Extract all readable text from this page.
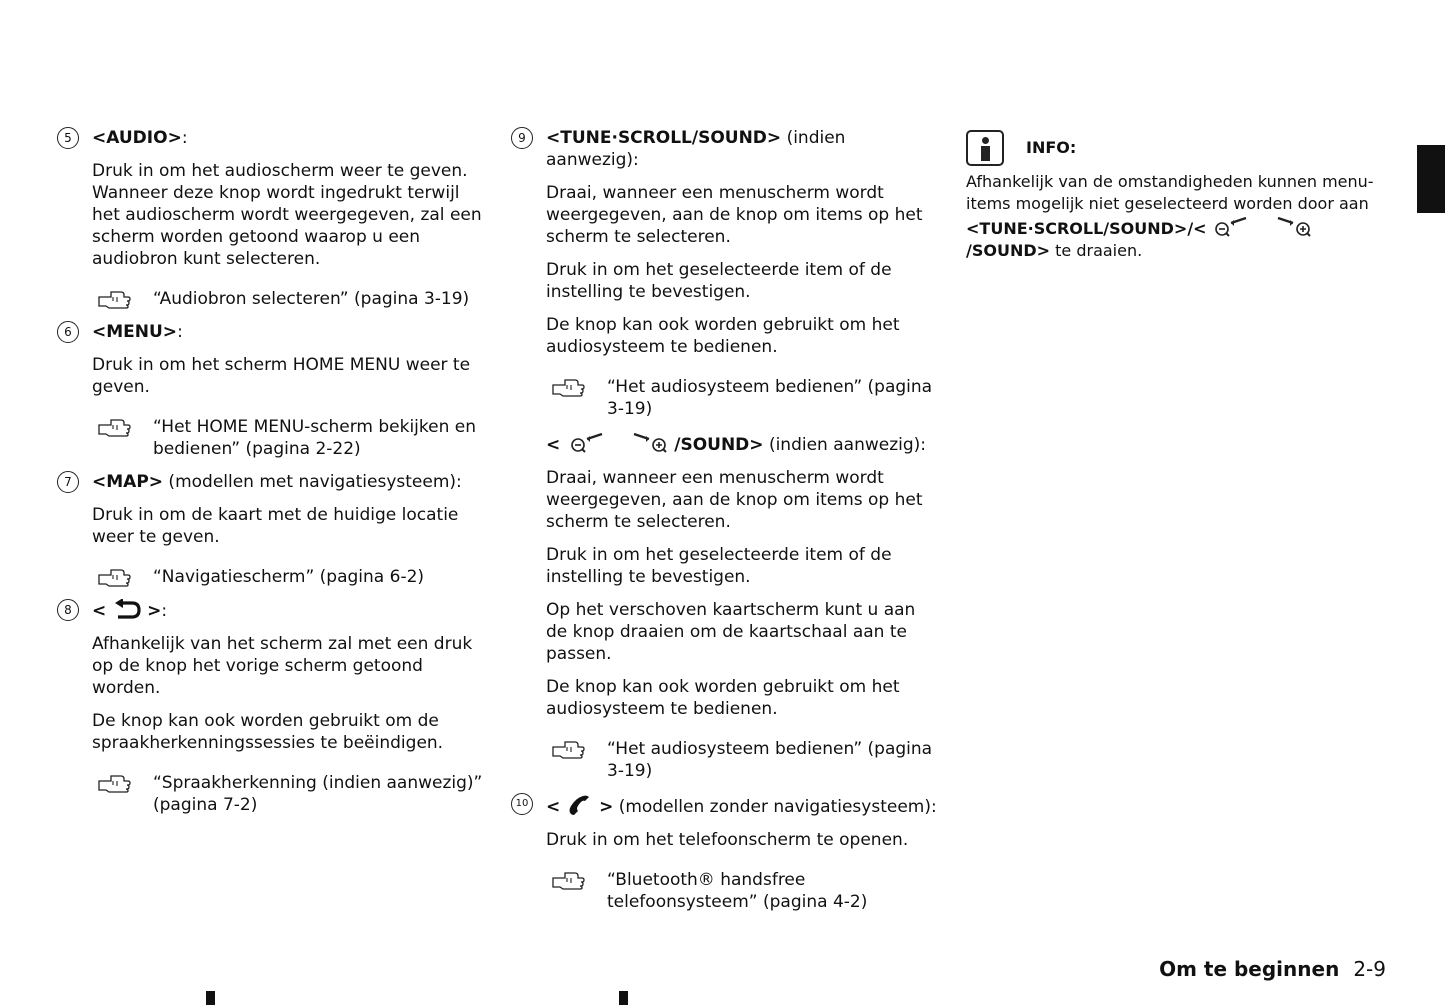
5	<AUDIO>:
Druk in om het audioscherm weer te geven. Wanneer deze knop wordt ingedrukt terwijl het audioscherm wordt weergegeven, zal een scherm worden getoond waarop u een audiobron kunt selecteren.
“Audiobron selecteren” (pagina 3-19)
6	<MENU>:
Druk in om het scherm HOME MENU weer te geven.
“Het HOME MENU-scherm bekijken en bedienen” (pagina 2-22)
7	<MAP> (modellen met navigatiesysteem):
Druk in om de kaart met de huidige locatie weer te geven.
“Navigatiescherm” (pagina 6-2)
8	< >:
Afhankelijk van het scherm zal met een druk op de knop het vorige scherm getoond worden.
De knop kan ook worden gebruikt om de spraakherkenningssessies te beëindigen.
“Spraakherkenning (indien aanwezig)” (pagina 7-2)
9	<TUNE·SCROLL/SOUND> (indien aanwezig):
Draai, wanneer een menuscherm wordt weergegeven, aan de knop om items op het scherm te selecteren.
Druk in om het geselecteerde item of de instelling te bevestigen.
De knop kan ook worden gebruikt om het audiosysteem te bedienen.
“Het audiosysteem bedienen” (pagina 3-19)
<	/SOUND> (indien aanwezig):
Draai, wanneer een menuscherm wordt weergegeven, aan de knop om items op het scherm te selecteren.
Druk in om het geselecteerde item of de instelling te bevestigen.
Op het verschoven kaartscherm kunt u aan de knop draaien om de kaartschaal aan te passen.
De knop kan ook worden gebruikt om het audiosysteem te bedienen.
“Het audiosysteem bedienen” (pagina 3-19)
10 < > (modellen zonder navigatiesysteem):
Druk in om het telefoonscherm te openen.
“Bluetooth® handsfree telefoonsysteem” (pagina 4-2)
INFO:
Afhankelijk van de omstandigheden kunnen menu-items mogelijk niet geselecteerd worden door aan <TUNE·SCROLL/SOUND>/</SOUND> te draaien.
Om te beginnen 2-9
